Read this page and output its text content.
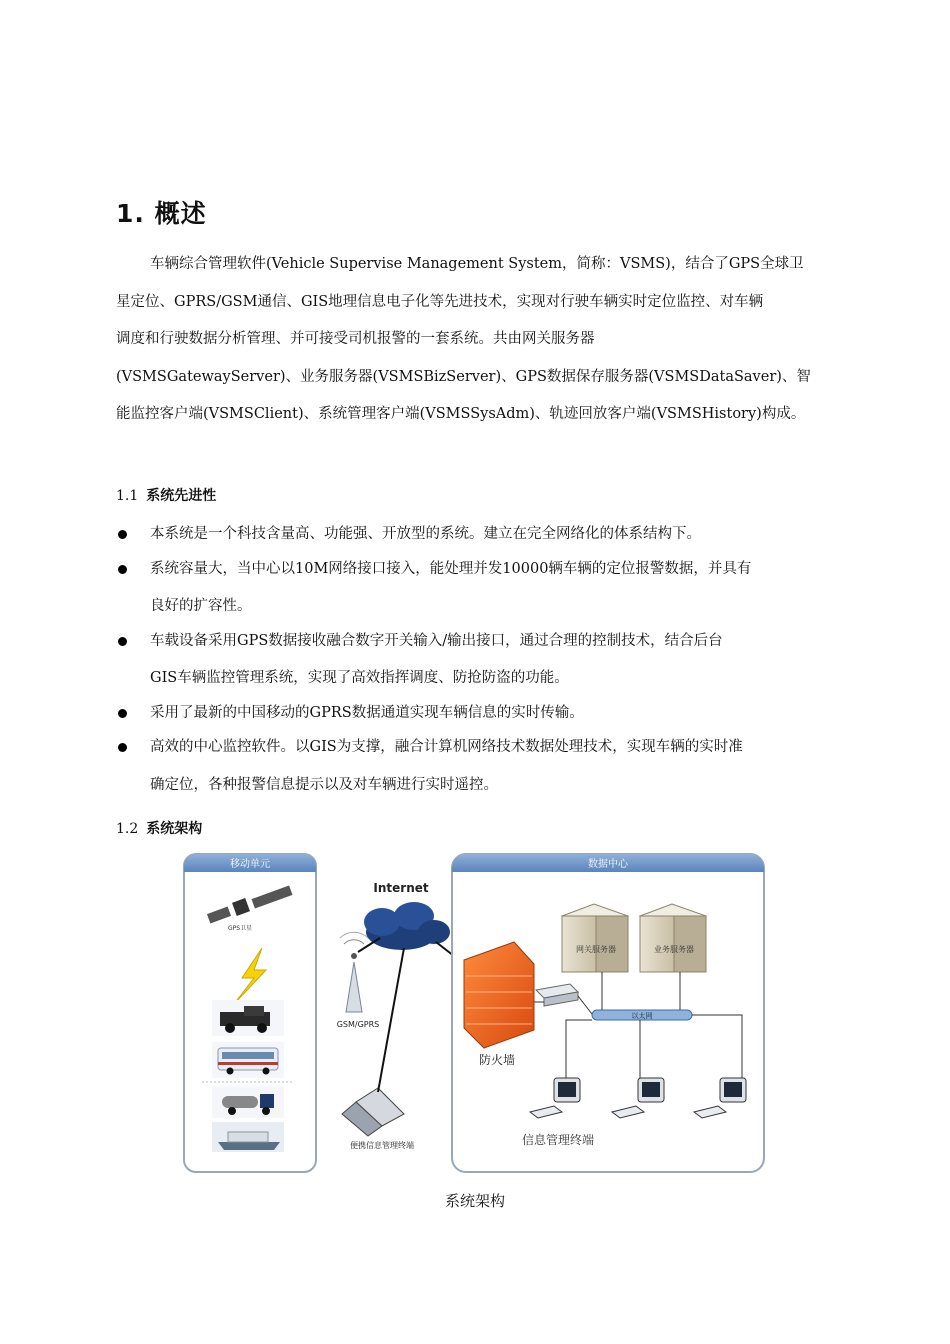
1. 概述
车辆综合管理软件(Vehicle Supervise Management System，简称：VSMS)，结合了GPS全球卫
星定位、GPRS/GSM通信、GIS地理信息电子化等先进技术，实现对行驶车辆实时定位监控、对车辆
调度和行驶数据分析管理、并可接受司机报警的一套系统。共由网关服务器
(VSMSGatewayServer)、业务服务器(VSMSBizServer)、GPS数据保存服务器(VSMSDataSaver)、智
能监控客户端(VSMSClient)、系统管理客户端(VSMSSysAdm)、轨迹回放客户端(VSMSHistory)构成。
1.1 系统先进性
本系统是一个科技含量高、功能强、开放型的系统。建立在完全网络化的体系结构下。
系统容量大，当中心以10M网络接口接入，能处理并发10000辆车辆的定位报警数据，并具有
良好的扩容性。
车载设备采用GPS数据接收融合数字开关输入/输出接口，通过合理的控制技术，结合后台
GIS车辆监控管理系统，实现了高效指挥调度、防抢防盗的功能。
采用了最新的中国移动的GPRS数据通道实现车辆信息的实时传输。
高效的中心监控软件。以GIS为支撑，融合计算机网络技术数据处理技术，实现车辆的实时准
确定位，各种报警信息提示以及对车辆进行实时遥控。
1.2 系统架构
移动单元
GPS卫星
Internet
GSM/GPRS
便携信息管理终端
数据中心
网关服务器	业务服务器
防火墙
以太网
信息管理终端
系统架构
